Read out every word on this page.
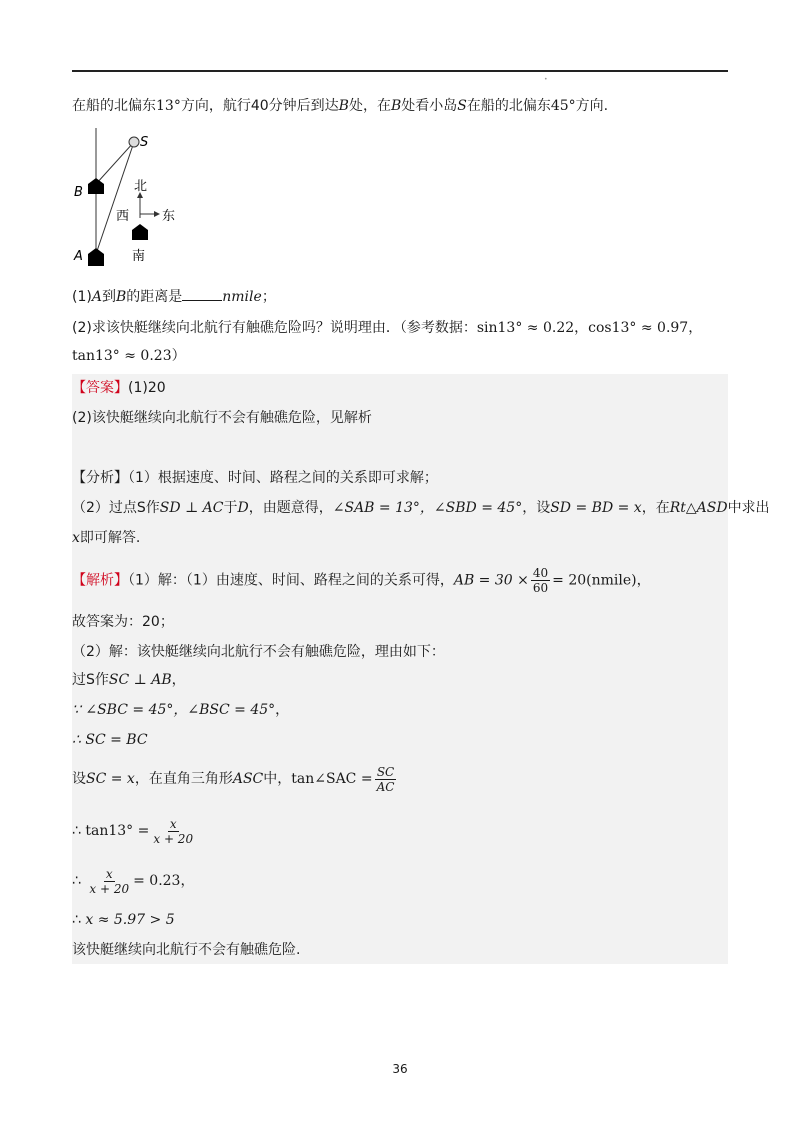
•
在船的北偏东13°方向，航行40分钟后到达B处，在B处看小岛S在船的北偏东45°方向.
S
B
A
北
西	东
南
(1)A到B的距离是	nmile；
(2)求该快艇继续向北航行有触礁危险吗？说明理由．（参考数据：sin13° ≈ 0.22，cos13° ≈ 0.97，
tan13° ≈ 0.23）
【答案】(1)20
(2)该快艇继续向北航行不会有触礁危险，见解析
【分析】（1）根据速度、时间、路程之间的关系即可求解；
（2）过点S作SD ⊥ AC于D，由题意得，∠SAB = 13°，∠SBD = 45°，设SD = BD = x，在Rt△ASD中求出
x即可解答.
【解析】（1）解：（1）由速度、时间、路程之间的关系可得，AB = $30 \times \frac{40}{60}$ = 20(nmile)，
故答案为：20；
（2）解：该快艇继续向北航行不会有触礁危险，理由如下：
过S作SC ⊥ AB，
∵ ∠SBC = 45°，∠BSC = 45°，
∴ SC = BC
设SC = x，在直角三角形ASC中，tan∠SAC = $\frac{SC}{AC}$
∴ $\tan 13^\circ = \frac{x}{x + 20}$
∴ $\frac{x}{x + 20} = 0.23$，
∴ x ≈ 5.97 > 5
该快艇继续向北航行不会有触礁危险.
36
